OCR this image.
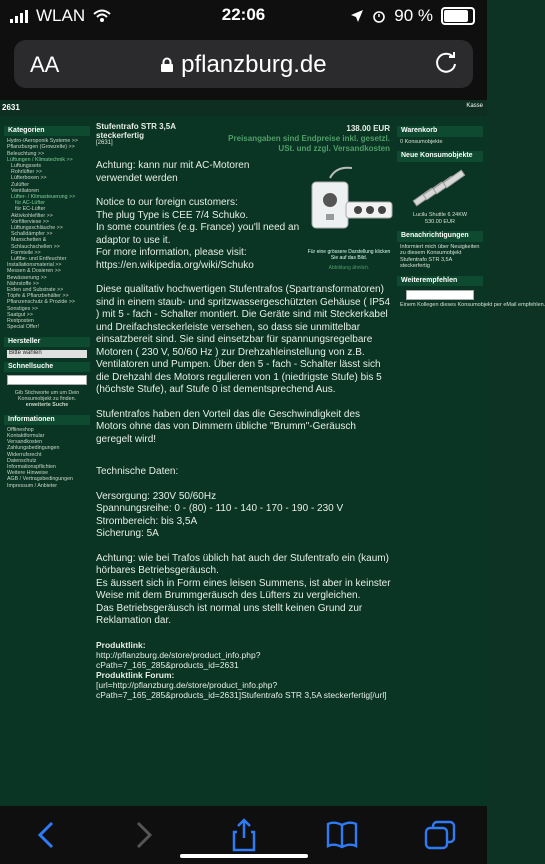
WLAN	22:06	90 %
AA	pflanzburg.de
2631	Kasse
Kategorien
Hydro-/Aeroponik Systeme >>
Pflanzburgen (Growzelte) >>
Beleuchtung >>
Lüftungen / Klimatechnik >>
Luftungssets
Rohrlüfter >>
Lüfterboxen >>
Zulüfter
Ventilatoren
Lüfter- / Klimasteuerung >>
für AC-Lüfter
für EC-Lüfter
Aktivkohlefilter >>
Vorfilterviese >>
Lüftungsschläuche >>
Schalldämpfer >>
Manschetten &
Schlauchschellen >>
Formteile >>
Luftbe- und Entfeuchter
Installationsmaterial >>
Messen & Dosieren >>
Bewässerung >>
Nährstoffe >>
Erden und Substrate >>
Töpfe & Pflanzbehälter >>
Pflanzenschutz & Prozide >>
Sonstiges >>
Saatgut >>
Restposten
Special Offer!
Hersteller
Bitte wählen
Schnellsuche
Gib Stichworte um um Dein Konsumobjekt zu finden.
erweiterte Suche
Informationen
Offlineshop
Kontaktformular
Versandkosten
Zahlungsbedingungen
Widerrufsrecht
Datenschutz
Informationspflichten
Weitere Hinweise
AGB / Vertragsbedingungen
Impressum / Anbieter
Stufentrafo STR 3,5A steckerfertig
[2631]
138.00 EUR
Preisangaben sind Endpreise inkl. gesetzl. USt. und zzgl. Versandkosten
Für eine grössere Darstellung klicken Sie auf das Bild.
Abbildung ähnlich.
Achtung: kann nur mit AC-Motoren verwendet werden
Notice to our foreign customers:
The plug Type is CEE 7/4 Schuko.
In some countries (e.g. France) you'll need an adaptor to use it.
For more information, please visit:
https://en.wikipedia.org/wiki/Schuko
Diese qualitativ hochwertigen Stufentrafos (Spartransformatoren) sind in einem staub- und spritzwassergeschützten Gehäuse ( IP54 ) mit 5 - fach - Schalter montiert. Die Geräte sind mit Steckerkabel und Dreifachsteckerleiste versehen, so dass sie unmittelbar einsatzbereit sind. Sie sind einsetzbar für spannungsregelbare Motoren ( 230 V, 50/60 Hz ) zur Drehzahleinstellung von z.B. Ventilatoren und Pumpen. Über den 5 - fach - Schalter lässt sich die Drehzahl des Motors regulieren von 1 (niedrigste Stufe) bis 5 (höchste Stufe), auf Stufe 0 ist dementsprechend Aus.
Stufentrafos haben den Vorteil das die Geschwindigkeit des Motors ohne das von Dimmern übliche "Brumm"-Geräusch geregelt wird!
Technische Daten:
Versorgung: 230V 50/60Hz
Spannungsreihe: 0 - (80) - 110 - 140 - 170 - 190 - 230 V
Strombereich: bis 3,5A
Sicherung: 5A
Achtung: wie bei Trafos üblich hat auch der Stufentrafo ein (kaum) hörbares Betriebsgeräusch.
Es äussert sich in Form eines leisen Summens, ist aber in keinster Weise mit dem Brummgeräusch des Lüfters zu vergleichen.
Das Betriebsgeräusch ist normal uns stellt keinen Grund zur Reklamation dar.
Produktlink:
http://pflanzburg.de/store/product_info.php?cPath=7_165_285&products_id=2631
Produktlink Forum:
[url=http://pflanzburg.de/store/product_info.php?cPath=7_165_285&products_id=2631]Stufentrafo STR 3,5A steckerfertig[/url]
Warenkorb
0 Konsumobjekte
Neue Konsumobjekte
Lucilu Shuttle 6 24KW
530.00 EUR
Benachrichtigungen
Informiert mich über Neuigkeiten zu diesem Konsumobjekt Stufentrafo STR 3,5A steckerfertig
Weiterempfehlen
Einem Kollegen dieses Konsumobjekt per eMail empfehlen.
